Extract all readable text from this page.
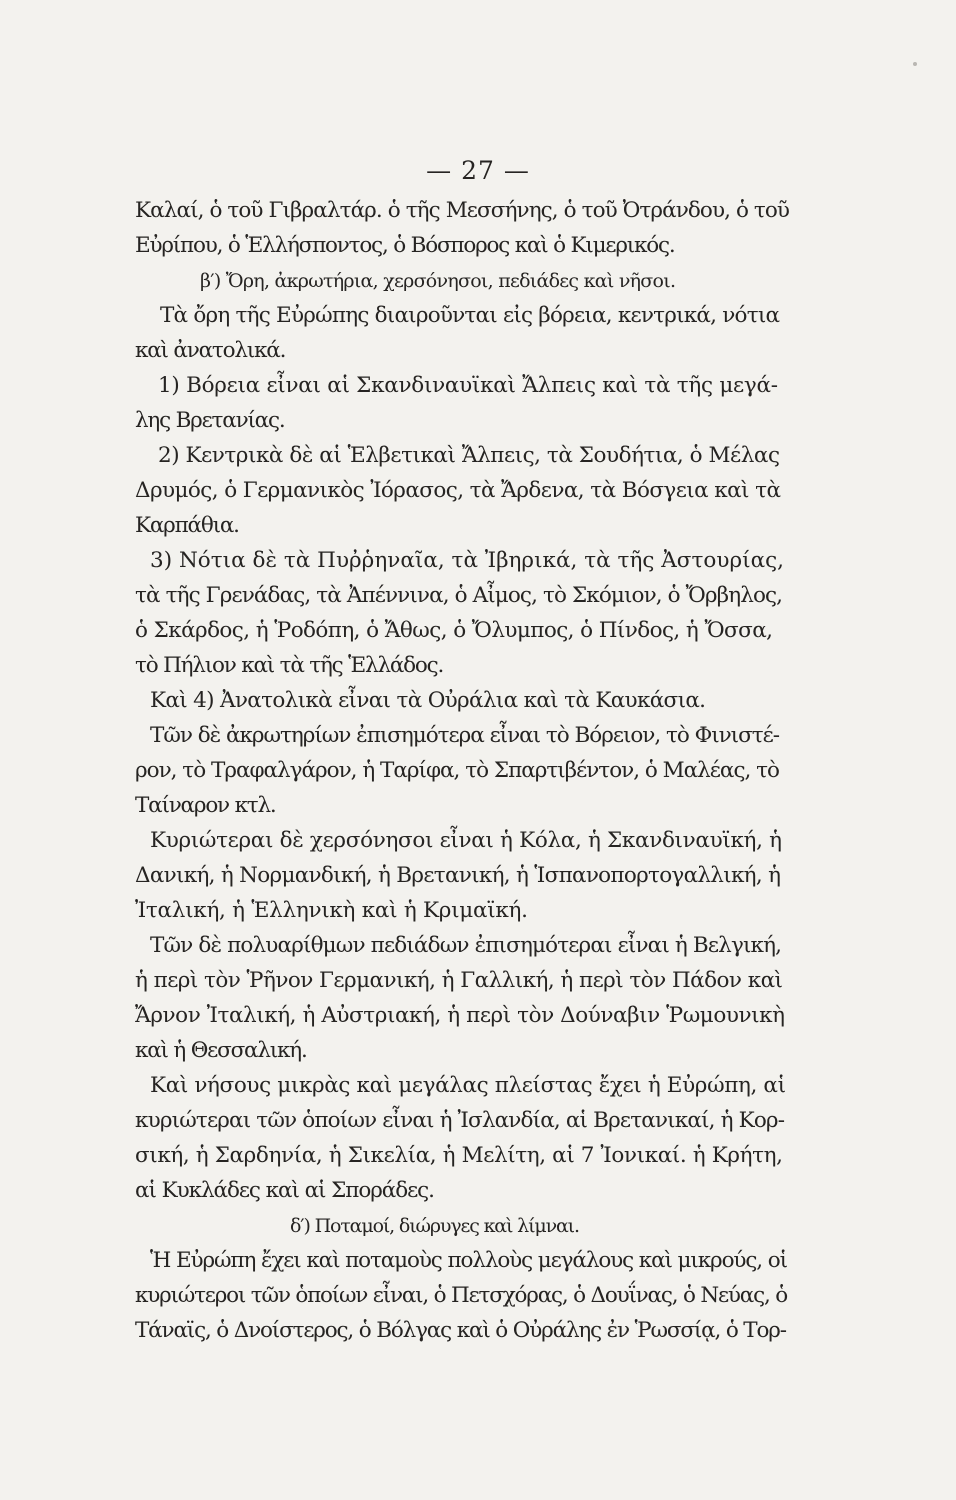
— 27 —
Καλαί, ὁ τοῦ Γιβραλτάρ. ὁ τῆς Μεσσήνης, ὁ τοῦ Ὀτράνδου, ὁ τοῦ
Εὐρίπου, ὁ Ἑλλήσποντος, ὁ Βόσπορος καὶ ὁ Κιμερικός.
β′) Ὄρη, ἀκρωτήρια, χερσόνησοι, πεδιάδες καὶ νῆσοι.
Τὰ ὄρη τῆς Εὐρώπης διαιροῦνται εἰς βόρεια, κεντρικά, νότια
καὶ ἀνατολικά.
1) Βόρεια εἶναι αἱ Σκανδιναυϊκαὶ Ἄλπεις καὶ τὰ τῆς μεγά-
λης Βρετανίας.
2) Κεντρικὰ δὲ αἱ Ἑλβετικαὶ Ἄλπεις, τὰ Σουδήτια, ὁ Μέλας
Δρυμός, ὁ Γερμανικὸς Ἰόρασος, τὰ Ἄρδενα, τὰ Βόσγεια καὶ τὰ
Καρπάθια.
3) Νότια δὲ τὰ Πυῤῥηναῖα, τὰ Ἰβηρικά, τὰ τῆς Ἀστουρίας,
τὰ τῆς Γρενάδας, τὰ Ἀπέννινα, ὁ Αἶμος, τὸ Σκόμιον, ὁ Ὄρβηλος,
ὁ Σκάρδος, ἡ Ῥοδόπη, ὁ Ἄθως, ὁ Ὄλυμπος, ὁ Πίνδος, ἡ Ὄσσα,
τὸ Πήλιον καὶ τὰ τῆς Ἑλλάδος.
Καὶ 4) Ἀνατολικὰ εἶναι τὰ Οὐράλια καὶ τὰ Καυκάσια.
Τῶν δὲ ἀκρωτηρίων ἐπισημότερα εἶναι τὸ Βόρειον, τὸ Φινιστέ-
ρον, τὸ Τραφαλγάρον, ἡ Ταρίφα, τὸ Σπαρτιβέντον, ὁ Μαλέας, τὸ
Ταίναρον κτλ.
Κυριώτεραι δὲ χερσόνησοι εἶναι ἡ Κόλα, ἡ Σκανδιναυϊκή, ἡ
Δανική, ἡ Νορμανδική, ἡ Βρετανική, ἡ Ἱσπανοπορτογαλλική, ἡ
Ἰταλική, ἡ Ἑλληνικὴ καὶ ἡ Κριμαϊκή.
Τῶν δὲ πολυαρίθμων πεδιάδων ἐπισημότεραι εἶναι ἡ Βελγική,
ἡ περὶ τὸν Ῥῆνον Γερμανική, ἡ Γαλλική, ἡ περὶ τὸν Πάδον καὶ
Ἄρνον Ἰταλική, ἡ Αὐστριακή, ἡ περὶ τὸν Δούναβιν Ῥωμουνικὴ
καὶ ἡ Θεσσαλική.
Καὶ νήσους μικρὰς καὶ μεγάλας πλείστας ἔχει ἡ Εὐρώπη, αἱ
κυριώτεραι τῶν ὁποίων εἶναι ἡ Ἰσλανδία, αἱ Βρετανικαί, ἡ Κορ-
σική, ἡ Σαρδηνία, ἡ Σικελία, ἡ Μελίτη, αἱ 7 Ἰονικαί. ἡ Κρήτη,
αἱ Κυκλάδες καὶ αἱ Σποράδες.
δ′) Ποταμοί, διώρυγες καὶ λίμναι.
Ἡ Εὐρώπη ἔχει καὶ ποταμοὺς πολλοὺς μεγάλους καὶ μικρούς, οἱ
κυριώτεροι τῶν ὁποίων εἶναι, ὁ Πετσχόρας, ὁ Δουΐνας, ὁ Νεύας, ὁ
Τάναϊς, ὁ Δνοίστερος, ὁ Βόλγας καὶ ὁ Οὐράλης ἐν Ῥωσσίᾳ, ὁ Τορ-
